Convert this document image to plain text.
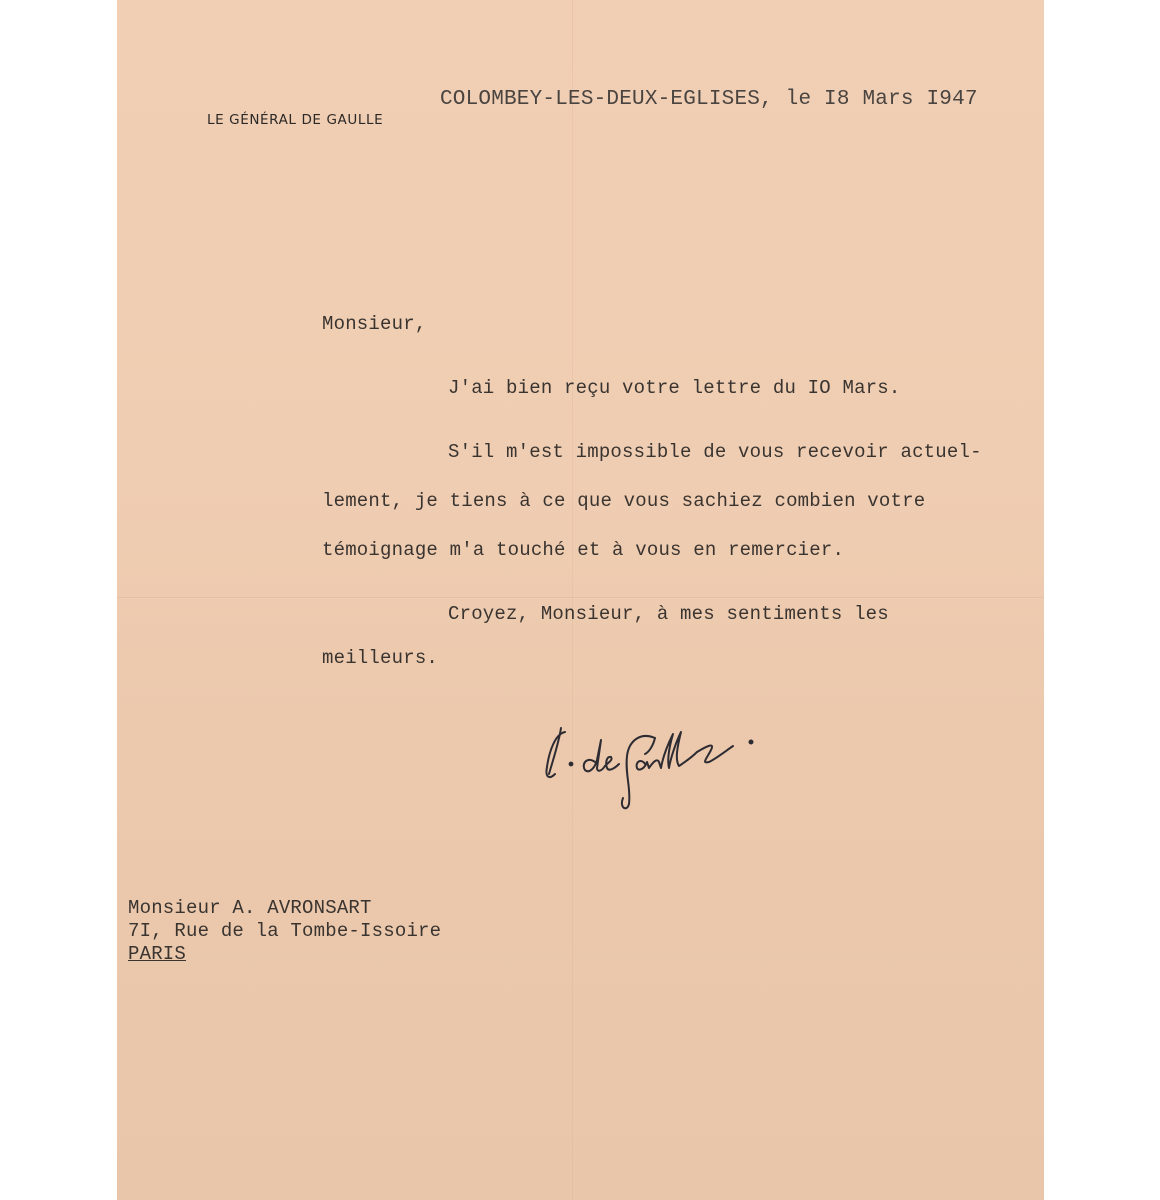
LE GÉNÉRAL DE GAULLE
COLOMBEY-LES-DEUX-EGLISES, le I8 Mars I947
Monsieur,
J'ai bien reçu votre lettre du IO Mars.
S'il m'est impossible de vous recevoir actuel-
lement, je tiens à ce que vous sachiez combien votre
témoignage m'a touché et à vous en remercier.
Croyez, Monsieur, à mes sentiments les
meilleurs.
Monsieur A. AVRONSART
7I, Rue de la Tombe-Issoire
PARIS
